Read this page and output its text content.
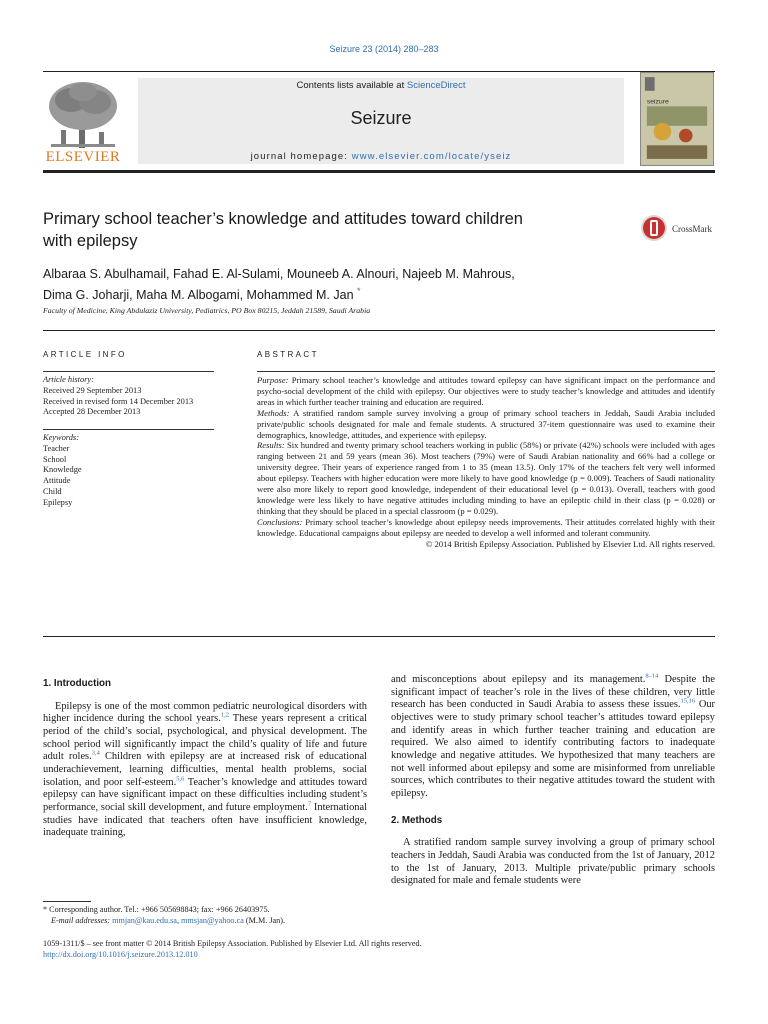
Seizure 23 (2014) 280–283
ELSEVIER
Contents lists available at ScienceDirect
Seizure
journal homepage: www.elsevier.com/locate/yseiz
seizure
Primary school teacher’s knowledge and attitudes toward children
with epilepsy
CrossMark
Albaraa S. Abulhamail, Fahad E. Al-Sulami, Mouneeb A. Alnouri, Najeeb M. Mahrous,
Dima G. Joharji, Maha M. Albogami, Mohammed M. Jan *
Faculty of Medicine, King Abdulaziz University, Pediatrics, PO Box 80215, Jeddah 21589, Saudi Arabia
ARTICLE INFO
Article history:
Received 29 September 2013
Received in revised form 14 December 2013
Accepted 28 December 2013
Keywords:
Teacher
School
Knowledge
Attitude
Child
Epilepsy
ABSTRACT

Purpose: Primary school teacher’s knowledge and attitudes toward epilepsy can have significant impact on the performance and psycho-social development of the child with epilepsy. Our objectives were to study teacher’s knowledge and attitudes and identify areas in which further teacher training and education are required.

Methods: A stratified random sample survey involving a group of primary school teachers in Jeddah, Saudi Arabia included private/public schools designated for male and female students. A structured 37-item questionnaire was used to examine their demographics, knowledge, attitudes, and experience with epilepsy.

Results: Six hundred and twenty primary school teachers working in public (58%) or private (42%) schools were included with ages ranging between 21 and 59 years (mean 36). Most teachers (79%) were of Saudi Arabian nationality and 66% had a college or university degree. Their years of experience ranged from 1 to 35 (mean 13.5). Only 17% of the teachers felt very well informed about epilepsy. Teachers with higher education were more likely to have good knowledge (p = 0.009). Teachers of Saudi nationality were also more likely to report good knowledge, independent of their educational level (p = 0.013). Overall, teachers with good knowledge were less likely to have negative attitudes including minding to have an epileptic child in their class (p = 0.028) or thinking that they should be placed in a special classroom (p = 0.029).

Conclusions: Primary school teacher’s knowledge about epilepsy needs improvements. Their attitudes correlated highly with their knowledge. Educational campaigns about epilepsy are needed to develop a well informed and tolerant community.

© 2014 British Epilepsy Association. Published by Elsevier Ltd. All rights reserved.

1. Introduction

Epilepsy is one of the most common pediatric neurological disorders with higher incidence during the school years.$^{1,2}$ These years represent a critical period of the child’s social, psychological, and physical development. The school period will significantly impact the child’s quality of life and future adult roles.$^{3,4}$ Children with epilepsy are at increased risk of educational underachievement, learning difficulties, mental health problems, social isolation, and poor self-esteem.$^{5,6}$ Teacher’s knowledge and attitudes toward epilepsy can have significant impact on these difficulties including student’s performance, social skill development, and future employment.$^7$ International studies have indicated that teachers often have insufficient knowledge, inadequate training,

and misconceptions about epilepsy and its management.$^{8-14}$ Despite the significant impact of teacher’s role in the lives of these children, very little research has been conducted in Saudi Arabia to assess these issues.$^{15,16}$ Our objectives were to study primary school teacher’s attitudes toward epilepsy and identify areas in which further teacher training and education are required. We also aimed to identify contributing factors to inadequate knowledge and negative attitudes. We hypothesized that many teachers are not well informed about epilepsy and some are misinformed from unreliable sources, which contributes to their negative attitudes toward the student with epilepsy.

2. Methods

A stratified random sample survey involving a group of primary school teachers in Jeddah, Saudi Arabia was conducted from the 1st of January, 2012 to the 1st of January, 2013. Multiple private/public primary schools designated for male and female students were

* Corresponding author. Tel.: +966 505698843; fax: +966 26403975.
E-mail addresses: mmjan@kau.edu.sa, mmsjan@yahoo.ca (M.M. Jan).
1059-1311/$ – see front matter © 2014 British Epilepsy Association. Published by Elsevier Ltd. All rights reserved.
http://dx.doi.org/10.1016/j.seizure.2013.12.010
